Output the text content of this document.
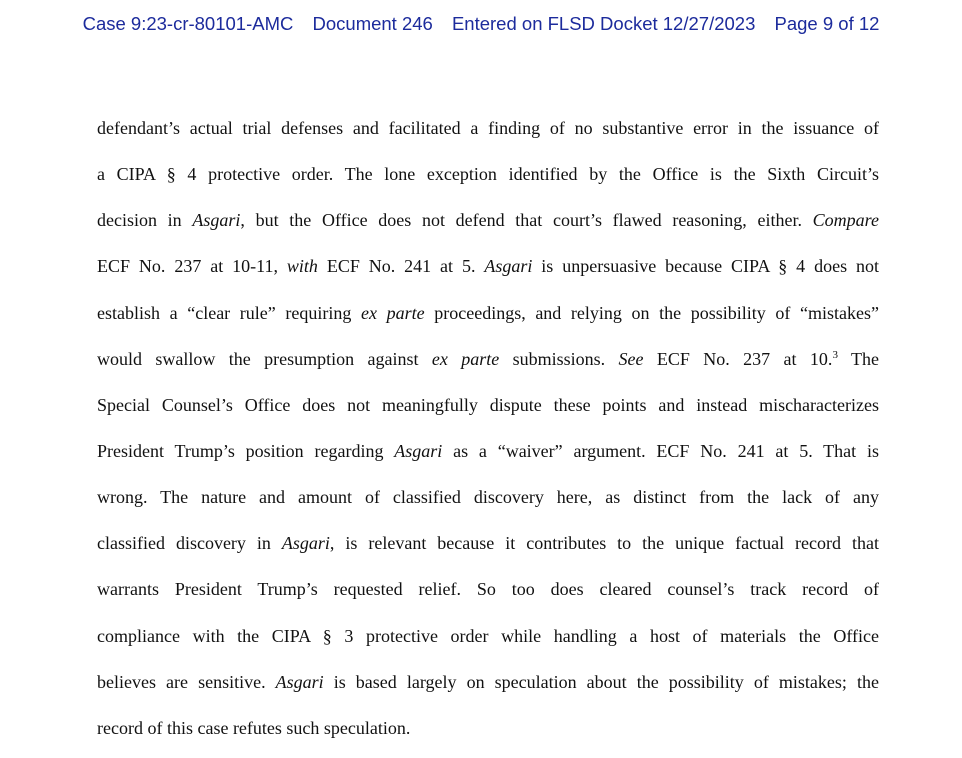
Case 9:23-cr-80101-AMC Document 246 Entered on FLSD Docket 12/27/2023 Page 9 of 12
defendant’s actual trial defenses and facilitated a finding of no substantive error in the issuance of
a CIPA § 4 protective order. The lone exception identified by the Office is the Sixth Circuit’s
decision in Asgari, but the Office does not defend that court’s flawed reasoning, either. Compare
ECF No. 237 at 10-11, with ECF No. 241 at 5. Asgari is unpersuasive because CIPA § 4 does not
establish a “clear rule” requiring ex parte proceedings, and relying on the possibility of “mistakes”
would swallow the presumption against ex parte submissions. See ECF No. 237 at 10.$^3$ The
Special Counsel’s Office does not meaningfully dispute these points and instead mischaracterizes
President Trump’s position regarding Asgari as a “waiver” argument. ECF No. 241 at 5. That is
wrong. The nature and amount of classified discovery here, as distinct from the lack of any
classified discovery in Asgari, is relevant because it contributes to the unique factual record that
warrants President Trump’s requested relief. So too does cleared counsel’s track record of
compliance with the CIPA § 3 protective order while handling a host of materials the Office
believes are sensitive. Asgari is based largely on speculation about the possibility of mistakes; the
record of this case refutes such speculation.
